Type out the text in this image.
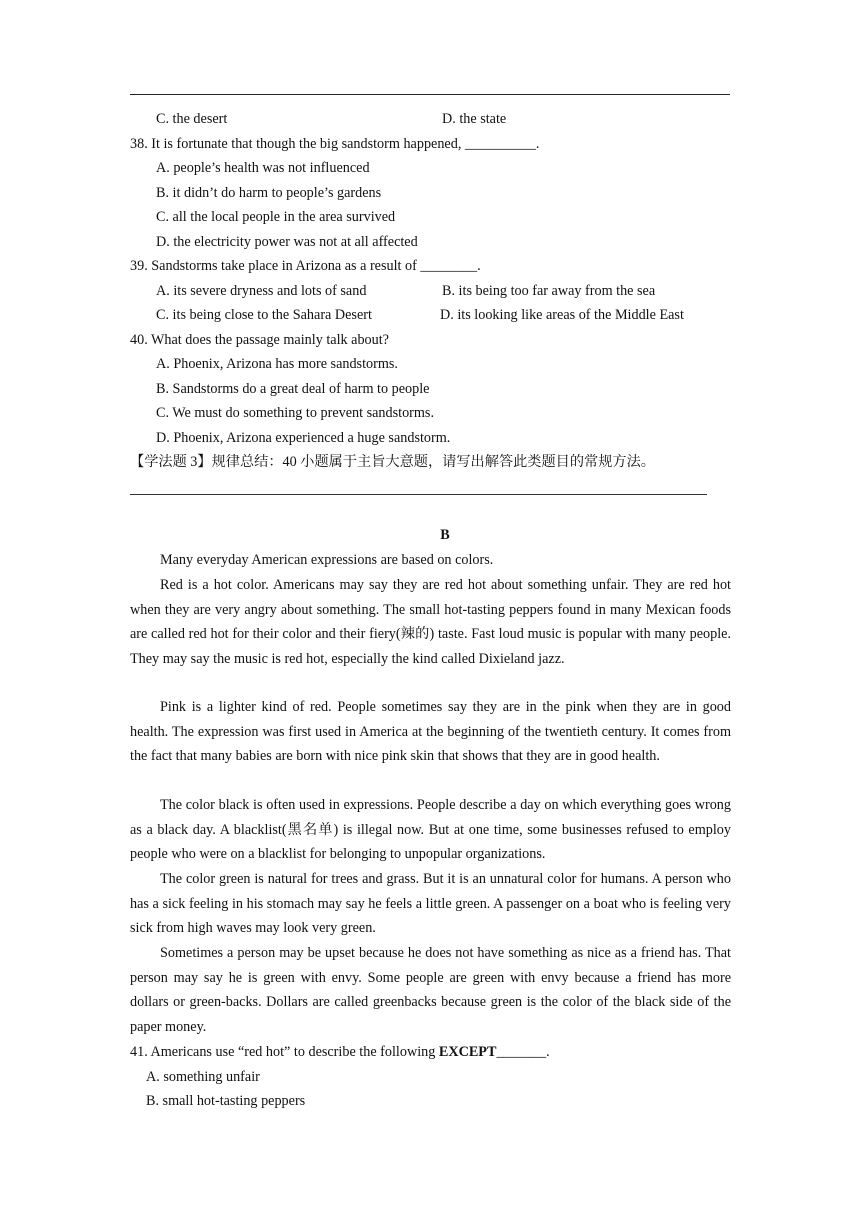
C. the desert	D. the state
38. It is fortunate that though the big sandstorm happened, __________.
A. people’s health was not influenced
B. it didn’t do harm to people’s gardens
C. all the local people in the area survived
D. the electricity power was not at all affected
39. Sandstorms take place in Arizona as a result of ________.
A. its severe dryness and lots of sand	B. its being too far away from the sea
C. its being close to the Sahara Desert	D. its looking like areas of the Middle East
40. What does the passage mainly talk about?
A. Phoenix, Arizona has more sandstorms.
B. Sandstorms do a great deal of harm to people
C. We must do something to prevent sandstorms.
D. Phoenix, Arizona experienced a huge sandstorm.
【学法题 3】规律总结：40 小题属于主旨大意题，请写出解答此类题目的常规方法。
B
Many everyday American expressions are based on colors.
Red is a hot color. Americans may say they are red hot about something unfair. They are red hot when they are very angry about something. The small hot-tasting peppers found in many Mexican foods are called red hot for their color and their fiery(辣的) taste. Fast loud music is popular with many people. They may say the music is red hot, especially the kind called Dixieland jazz.
Pink is a lighter kind of red. People sometimes say they are in the pink when they are in good health. The expression was first used in America at the beginning of the twentieth century. It comes from the fact that many babies are born with nice pink skin that shows that they are in good health.
The color black is often used in expressions. People describe a day on which everything goes wrong as a black day. A blacklist(黑名单) is illegal now. But at one time, some businesses refused to employ people who were on a blacklist for belonging to unpopular organizations.
The color green is natural for trees and grass. But it is an unnatural color for humans. A person who has a sick feeling in his stomach may say he feels a little green. A passenger on a boat who is feeling very sick from high waves may look very green.
Sometimes a person may be upset because he does not have something as nice as a friend has. That person may say he is green with envy. Some people are green with envy because a friend has more dollars or green-backs. Dollars are called greenbacks because green is the color of the black side of the paper money.
41. Americans use “red hot” to describe the following EXCEPT_______.
A. something unfair
B. small hot-tasting peppers
